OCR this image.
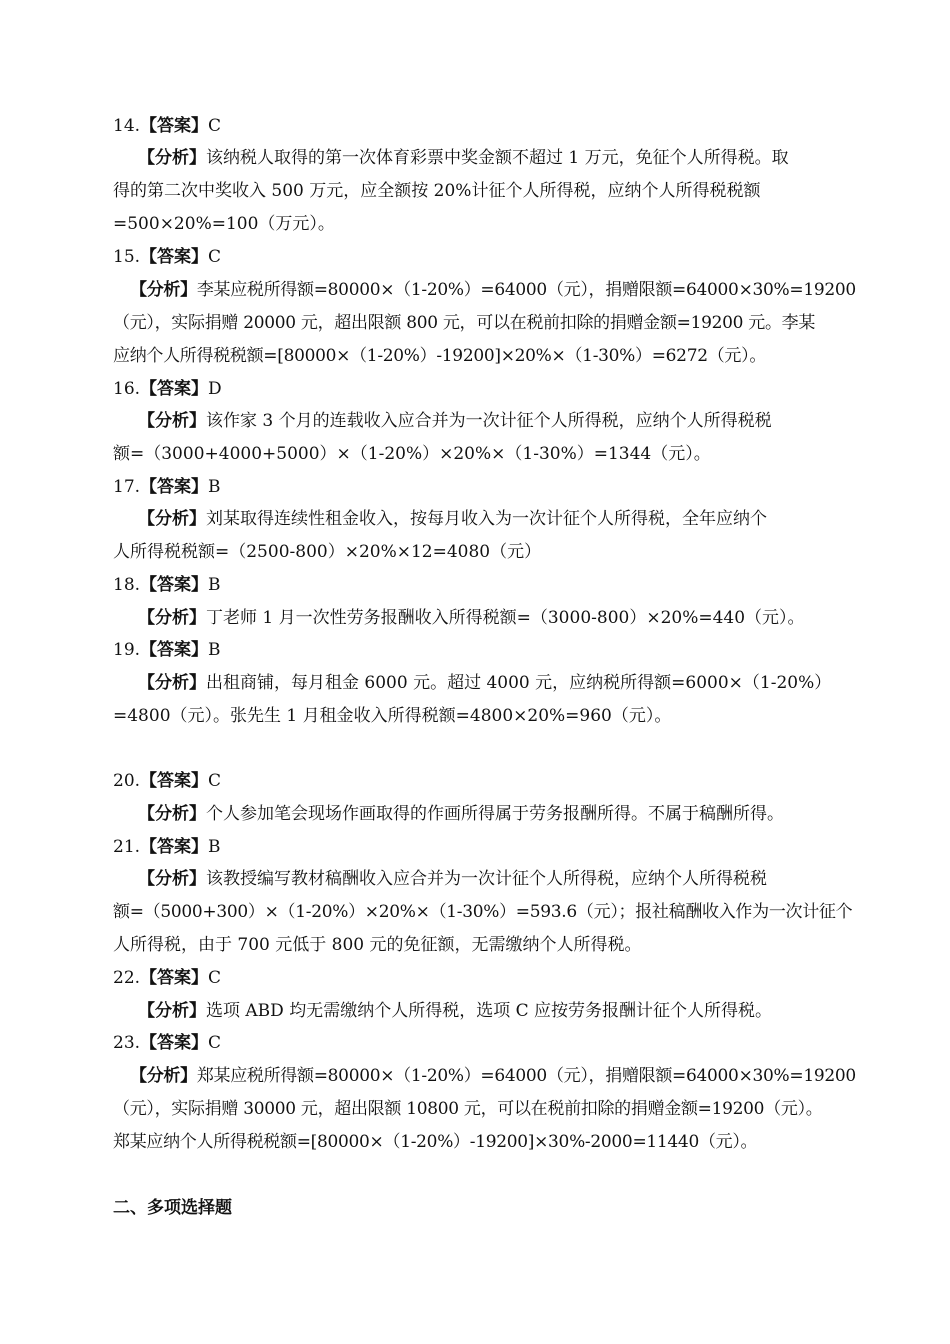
14.【答案】C
【分析】该纳税人取得的第一次体育彩票中奖金额不超过 1 万元，免征个人所得税。取
得的第二次中奖收入 500 万元，应全额按 20%计征个人所得税，应纳个人所得税税额
=500×20%=100（万元）。
15.【答案】C
【分析】李某应税所得额=80000×（1-20%）=64000（元），捐赠限额=64000×30%=19200
（元），实际捐赠 20000 元，超出限额 800 元，可以在税前扣除的捐赠金额=19200 元。李某
应纳个人所得税税额=[80000×（1-20%）-19200]×20%×（1-30%）=6272（元）。
16.【答案】D
【分析】该作家 3 个月的连载收入应合并为一次计征个人所得税，应纳个人所得税税
额=（3000+4000+5000）×（1-20%）×20%×（1-30%）=1344（元）。
17.【答案】B
【分析】刘某取得连续性租金收入，按每月收入为一次计征个人所得税，全年应纳个
人所得税税额=（2500-800）×20%×12=4080（元）
18.【答案】B
【分析】丁老师 1 月一次性劳务报酬收入所得税额=（3000-800）×20%=440（元）。
19.【答案】B
【分析】出租商铺，每月租金 6000 元。超过 4000 元，应纳税所得额=6000×（1-20%）
=4800（元）。张先生 1 月租金收入所得税额=4800×20%=960（元）。
20.【答案】C
【分析】个人参加笔会现场作画取得的作画所得属于劳务报酬所得。不属于稿酬所得。
21.【答案】B
【分析】该教授编写教材稿酬收入应合并为一次计征个人所得税，应纳个人所得税税
额=（5000+300）×（1-20%）×20%×（1-30%）=593.6（元）；报社稿酬收入作为一次计征个
人所得税，由于 700 元低于 800 元的免征额，无需缴纳个人所得税。
22.【答案】C
【分析】选项 ABD 均无需缴纳个人所得税，选项 C 应按劳务报酬计征个人所得税。
23.【答案】C
【分析】郑某应税所得额=80000×（1-20%）=64000（元），捐赠限额=64000×30%=19200
（元），实际捐赠 30000 元，超出限额 10800 元，可以在税前扣除的捐赠金额=19200（元）。
郑某应纳个人所得税税额=[80000×（1-20%）-19200]×30%-2000=11440（元）。
二、多项选择题
